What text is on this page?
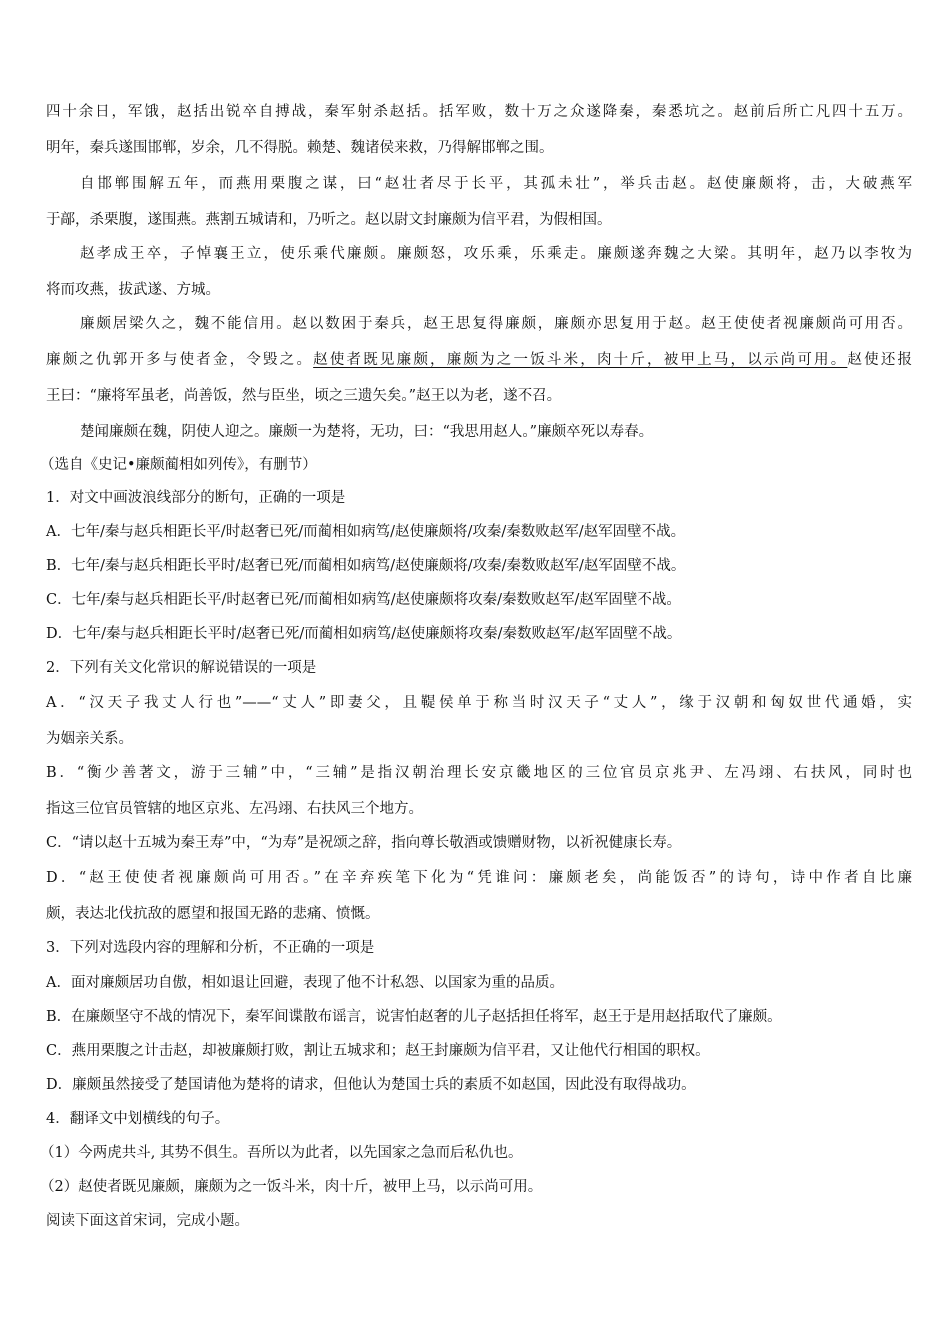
四十余日，军饿，赵括出锐卒自搏战，秦军射杀赵括。括军败，数十万之众遂降秦，秦悉坑之。赵前后所亡凡四十五万。
明年，秦兵遂围邯郸，岁余，几不得脱。赖楚、魏诸侯来救，乃得解邯郸之围。
自邯郸围解五年，而燕用栗腹之谋，曰“赵壮者尽于长平，其孤未壮”，举兵击赵。赵使廉颇将，击，大破燕军
于鄗，杀栗腹，遂围燕。燕割五城请和，乃听之。赵以尉文封廉颇为信平君，为假相国。
赵孝成王卒，子悼襄王立，使乐乘代廉颇。廉颇怒，攻乐乘，乐乘走。廉颇遂奔魏之大梁。其明年，赵乃以李牧为
将而攻燕，拔武遂、方城。
廉颇居梁久之，魏不能信用。赵以数困于秦兵，赵王思复得廉颇，廉颇亦思复用于赵。赵王使使者视廉颇尚可用否。
廉颇之仇郭开多与使者金，令毁之。赵使者既见廉颇，廉颇为之一饭斗米，肉十斤，被甲上马，以示尚可用。赵使还报
王曰：“廉将军虽老，尚善饭，然与臣坐，顷之三遗矢矣。”赵王以为老，遂不召。
楚闻廉颇在魏，阴使人迎之。廉颇一为楚将，无功，曰：“我思用赵人。”廉颇卒死以寿春。
（选自《史记•廉颇蔺相如列传》，有删节）
1．对文中画波浪线部分的断句，正确的一项是
A．七年/秦与赵兵相距长平/时赵奢已死/而蔺相如病笃/赵使廉颇将/攻秦/秦数败赵军/赵军固壁不战。
B．七年/秦与赵兵相距长平时/赵奢已死/而蔺相如病笃/赵使廉颇将/攻秦/秦数败赵军/赵军固壁不战。
C．七年/秦与赵兵相距长平/时赵奢已死/而蔺相如病笃/赵使廉颇将攻秦/秦数败赵军/赵军固壁不战。
D．七年/秦与赵兵相距长平时/赵奢已死/而蔺相如病笃/赵使廉颇将攻秦/秦数败赵军/赵军固壁不战。
2．下列有关文化常识的解说错误的一项是
A．“汉天子我丈人行也”——“丈人”即妻父，且鞮侯单于称当时汉天子“丈人”，缘于汉朝和匈奴世代通婚，实
为姻亲关系。
B．“衡少善著文，游于三辅”中，“三辅”是指汉朝治理长安京畿地区的三位官员京兆尹、左冯翊、右扶风，同时也
指这三位官员管辖的地区京兆、左冯翊、右扶风三个地方。
C．“请以赵十五城为秦王寿”中，“为寿”是祝颂之辞，指向尊长敬酒或馈赠财物，以祈祝健康长寿。
D．“赵王使使者视廉颇尚可用否。”在辛弃疾笔下化为“凭谁问：廉颇老矣，尚能饭否”的诗句，诗中作者自比廉
颇，表达北伐抗敌的愿望和报国无路的悲痛、愤慨。
3．下列对选段内容的理解和分析，不正确的一项是
A．面对廉颇居功自傲，相如退让回避，表现了他不计私怨、以国家为重的品质。
B．在廉颇坚守不战的情况下，秦军间谍散布谣言，说害怕赵奢的儿子赵括担任将军，赵王于是用赵括取代了廉颇。
C．燕用栗腹之计击赵，却被廉颇打败，割让五城求和；赵王封廉颇为信平君，又让他代行相国的职权。
D．廉颇虽然接受了楚国请他为楚将的请求，但他认为楚国士兵的素质不如赵国，因此没有取得战功。
4．翻译文中划横线的句子。
（1）今两虎共斗, 其势不俱生。吾所以为此者，以先国家之急而后私仇也。
（2）赵使者既见廉颇，廉颇为之一饭斗米，肉十斤，被甲上马，以示尚可用。
阅读下面这首宋词，完成小题。
